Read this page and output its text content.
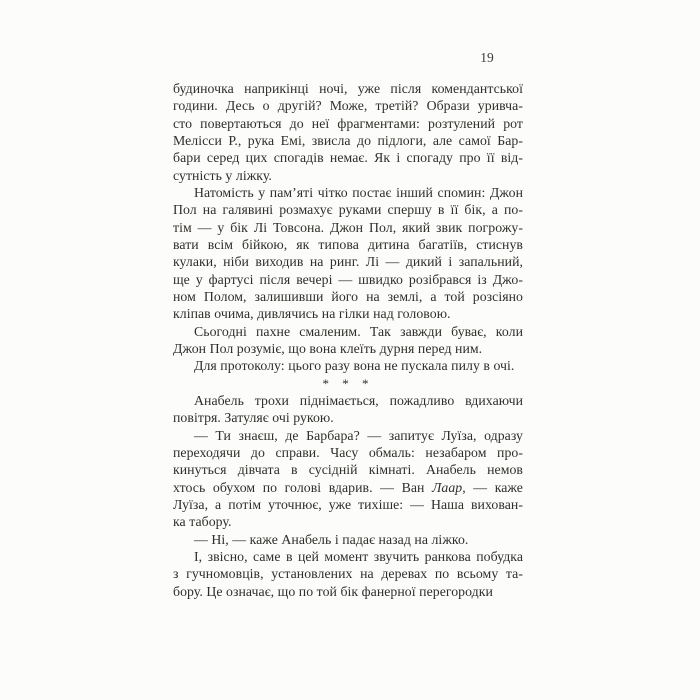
19
будиночка наприкінці ночі, уже після комендантської
години. Десь о другій? Може, третій? Образи уривча-
сто повертаються до неї фрагментами: розтулений рот
Мелісси Р., рука Емі, звисла до підлоги, але самої Бар-
бари серед цих спогадів немає. Як і спогаду про її від-
сутність у ліжку.
Натомість у пам’яті чітко постає інший спомин: Джон
Пол на галявині розмахує руками спершу в її бік, а по-
тім — у бік Лі Товсона. Джон Пол, який звик погрожу-
вати всім бійкою, як типова дитина багатіїв, стиснув
кулаки, ніби виходив на ринг. Лі — дикий і запальний,
ще у фартусі після вечері — швидко розібрався із Джо-
ном Полом, залишивши його на землі, а той розсіяно
кліпав очима, дивлячись на гілки над головою.
Сьогодні пахне смаленим. Так завжди буває, коли
Джон Пол розуміє, що вона клеїть дурня перед ним.
Для протоколу: цього разу вона не пускала пилу в очі.
* * *
Анабель трохи піднімається, пожадливо вдихаючи
повітря. Затуляє очі рукою.
— Ти знаєш, де Барбара? — запитує Луїза, одразу
переходячи до справи. Часу обмаль: незабаром про-
кинуться дівчата в сусідній кімнаті. Анабель немов
хтось обухом по голові вдарив. — Ван Лаар, — каже
Луїза, а потім уточнює, уже тихіше: — Наша вихован-
ка табору.
— Ні, — каже Анабель і падає назад на ліжко.
І, звісно, саме в цей момент звучить ранкова побудка
з гучномовців, установлених на деревах по всьому та-
бору. Це означає, що по той бік фанерної перегородки
